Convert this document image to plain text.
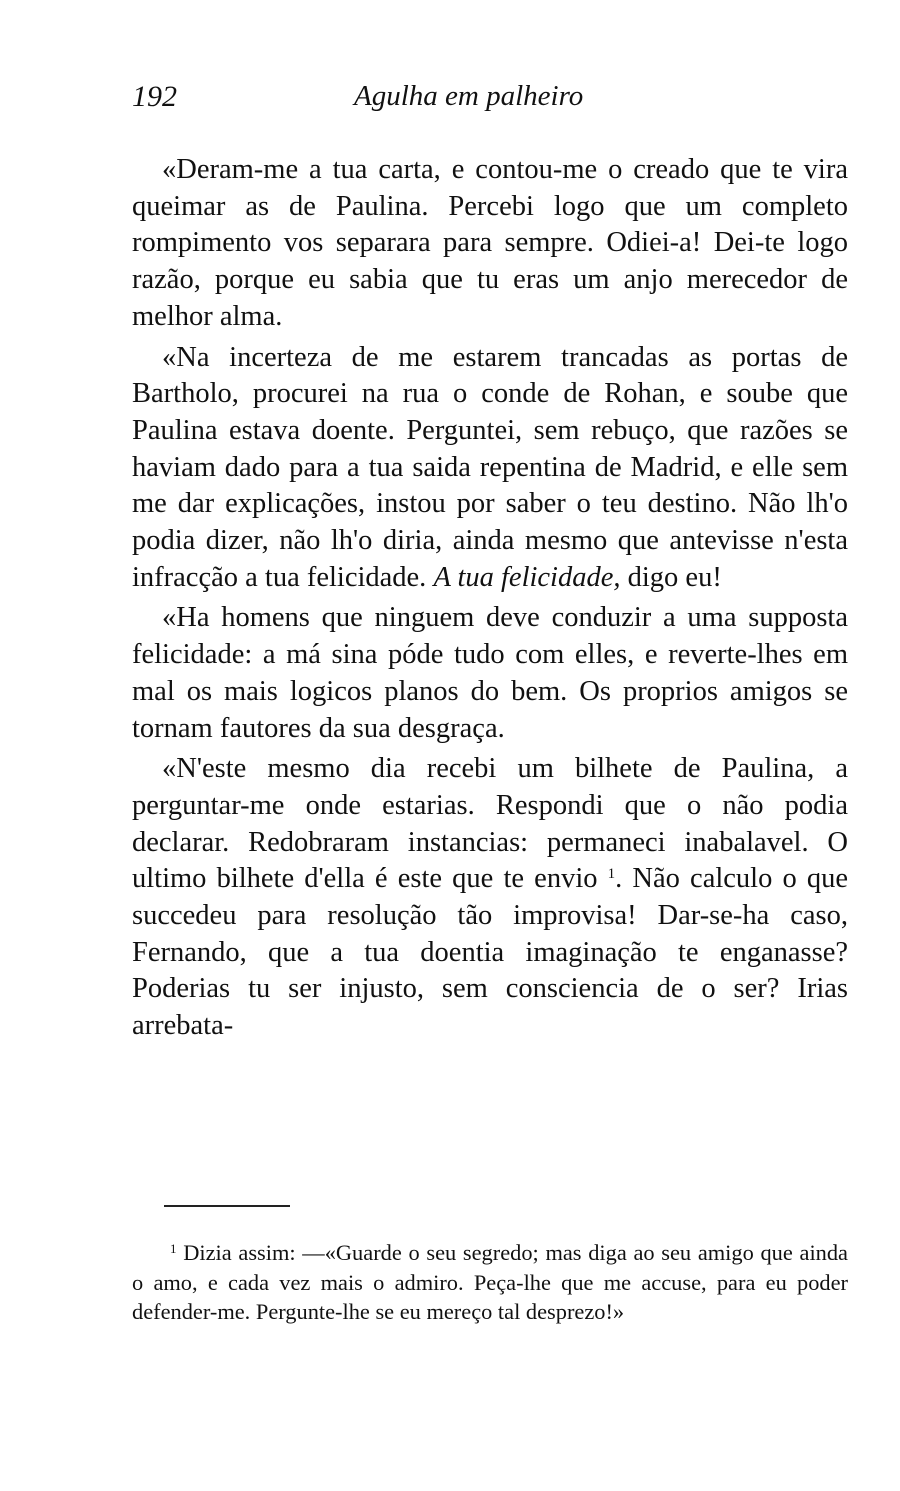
192	Agulha em palheiro

«Deram-me a tua carta, e contou-me o creado que te vira queimar as de Paulina. Percebi logo que um completo rompimento vos separara para sempre. Odiei-a! Dei-te logo razão, porque eu sabia que tu eras um anjo merecedor de melhor alma.

«Na incerteza de me estarem trancadas as portas de Bartholo, procurei na rua o conde de Rohan, e soube que Paulina estava doente. Perguntei, sem rebuço, que razões se haviam dado para a tua saida repentina de Madrid, e elle sem me dar explicações, instou por saber o teu destino. Não lh'o podia dizer, não lh'o diria, ainda mesmo que antevisse n'esta infracção a tua felicidade. A tua felicidade, digo eu!

«Ha homens que ninguem deve conduzir a uma supposta felicidade: a má sina póde tudo com elles, e reverte-lhes em mal os mais logicos planos do bem. Os proprios amigos se tornam fautores da sua desgraça.

«N'este mesmo dia recebi um bilhete de Paulina, a perguntar-me onde estarias. Respondi que o não podia declarar. Redobraram instancias: permaneci inabalavel. O ultimo bilhete d'ella é este que te envio $^1$. Não calculo o que succedeu para resolução tão improvisa! Dar-se-ha caso, Fernando, que a tua doentia imaginação te enganasse? Poderias tu ser injusto, sem consciencia de o ser? Irias arrebata-

$^1$ Dizia assim: —«Guarde o seu segredo; mas diga ao seu amigo que ainda o amo, e cada vez mais o admiro. Peça-lhe que me accuse, para eu poder defender-me. Pergunte-lhe se eu mereço tal desprezo!»
